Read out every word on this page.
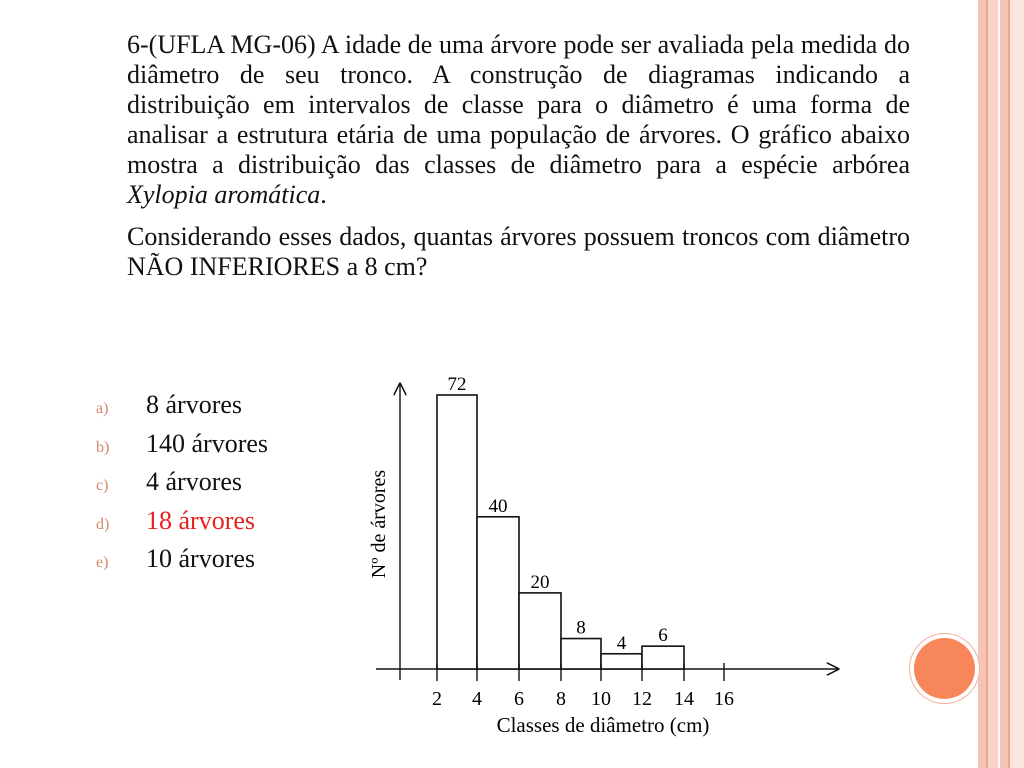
6-(UFLA MG-06) A idade de uma árvore pode ser avaliada pela medida do diâmetro de seu tronco. A construção de diagramas indicando a distribuição em intervalos de classe para o diâmetro é uma forma de analisar a estrutura etária de uma população de árvores. O gráfico abaixo mostra a distribuição das classes de diâmetro para a espécie arbórea Xylopia aromática.

Considerando esses dados, quantas árvores possuem troncos com diâmetro NÃO INFERIORES a 8 cm?

a) 8 árvores
b) 140 árvores
c) 4 árvores
d) 18 árvores
e) 10 árvores
72
40
20
8
4 6
2 4 6 8 10 12 14 16
Nº de árvores
Classes de diâmetro (cm)
